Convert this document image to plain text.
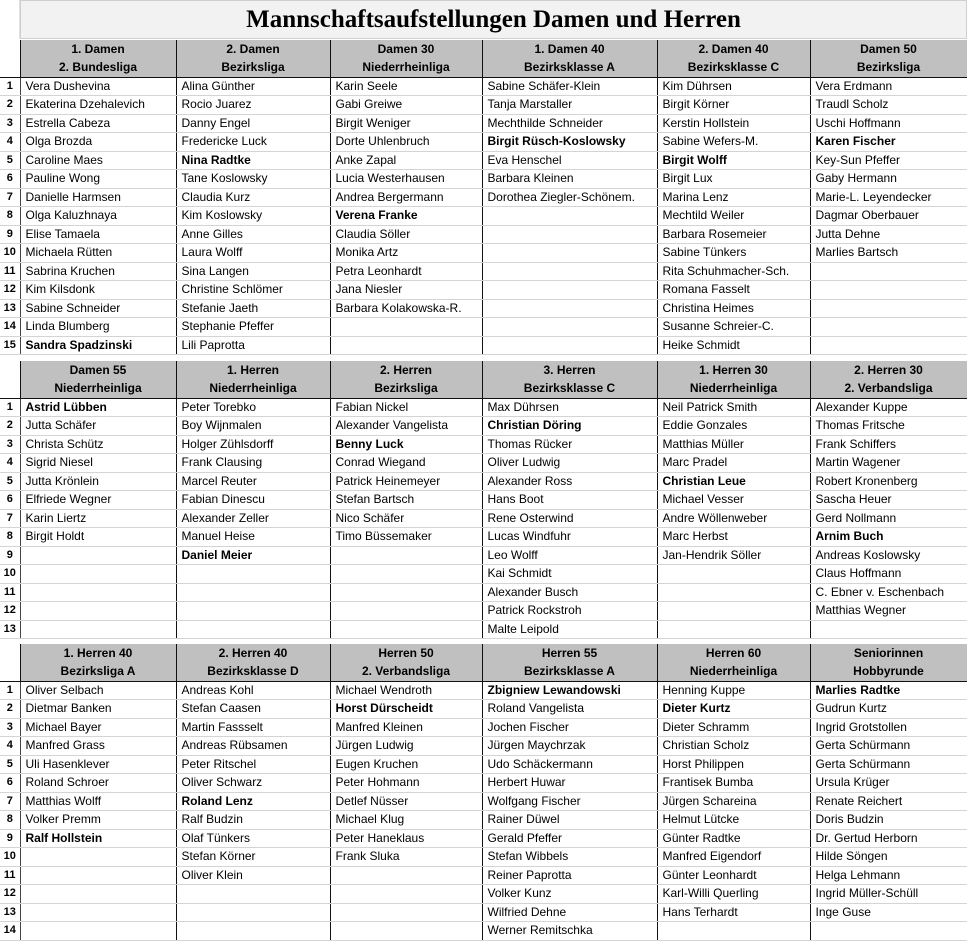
Mannschaftsaufstellungen Damen und Herren
	1. Damen	2. Damen	Damen 30	1. Damen 40	2. Damen 40	Damen 50
	2. Bundesliga	Bezirksliga	Niederrheinliga	Bezirksklasse A	Bezirksklasse C	Bezirksliga
1	Vera Dushevina	Alina Günther	Karin Seele	Sabine Schäfer-Klein	Kim Dührsen	Vera Erdmann
2	Ekaterina Dzehalevich	Rocio Juarez	Gabi Greiwe	Tanja Marstaller	Birgit Körner	Traudl Scholz
3	Estrella Cabeza	Danny Engel	Birgit Weniger	Mechthilde Schneider	Kerstin Hollstein	Uschi Hoffmann
4	Olga Brozda	Fredericke Luck	Dorte Uhlenbruch	Birgit Rüsch-Koslowsky	Sabine Wefers-M.	Karen Fischer
5	Caroline Maes	Nina Radtke	Anke Zapal	Eva Henschel	Birgit Wolff	Key-Sun Pfeffer
6	Pauline Wong	Tane Koslowsky	Lucia Westerhausen	Barbara Kleinen	Birgit Lux	Gaby Hermann
7	Danielle Harmsen	Claudia Kurz	Andrea Bergermann	Dorothea Ziegler-Schönem.	Marina Lenz	Marie-L. Leyendecker
8	Olga Kaluzhnaya	Kim Koslowsky	Verena Franke		Mechtild Weiler	Dagmar Oberbauer
9	Elise Tamaela	Anne Gilles	Claudia Söller		Barbara Rosemeier	Jutta Dehne
10	Michaela Rütten	Laura Wolff	Monika Artz		Sabine Tünkers	Marlies Bartsch
11	Sabrina Kruchen	Sina Langen	Petra Leonhardt		Rita Schuhmacher-Sch.	
12	Kim Kilsdonk	Christine Schlömer	Jana Niesler		Romana Fasselt	
13	Sabine Schneider	Stefanie Jaeth	Barbara Kolakowska-R.		Christina Heimes	
14	Linda Blumberg	Stephanie Pfeffer			Susanne Schreier-C.	
15	Sandra Spadzinski	Lili Paprotta			Heike Schmidt	
	Damen 55	1. Herren	2. Herren	3. Herren	1. Herren 30	2. Herren 30
	Niederrheinliga	Niederrheinliga	Bezirksliga	Bezirksklasse C	Niederrheinliga	2. Verbandsliga
1	Astrid Lübben	Peter Torebko	Fabian Nickel	Max Dührsen	Neil Patrick Smith	Alexander Kuppe
2	Jutta Schäfer	Boy Wijnmalen	Alexander Vangelista	Christian Döring	Eddie Gonzales	Thomas Fritsche
3	Christa Schütz	Holger Zühlsdorff	Benny Luck	Thomas Rücker	Matthias Müller	Frank Schiffers
4	Sigrid Niesel	Frank Clausing	Conrad Wiegand	Oliver Ludwig	Marc Pradel	Martin Wagener
5	Jutta Krönlein	Marcel Reuter	Patrick Heinemeyer	Alexander Ross	Christian Leue	Robert Kronenberg
6	Elfriede Wegner	Fabian Dinescu	Stefan Bartsch	Hans Boot	Michael Vesser	Sascha Heuer
7	Karin Liertz	Alexander Zeller	Nico Schäfer	Rene Osterwind	Andre Wöllenweber	Gerd Nollmann
8	Birgit Holdt	Manuel Heise	Timo Büssemaker	Lucas Windfuhr	Marc Herbst	Arnim Buch
9		Daniel Meier		Leo Wolff	Jan-Hendrik Söller	Andreas Koslowsky
10				Kai Schmidt		Claus Hoffmann
11				Alexander Busch		C. Ebner v. Eschenbach
12				Patrick Rockstroh		Matthias Wegner
13				Malte Leipold		
	1. Herren 40	2. Herren 40	Herren 50	Herren 55	Herren 60	Seniorinnen
	Bezirksliga A	Bezirksklasse D	2. Verbandsliga	Bezirksklasse A	Niederrheinliga	Hobbyrunde
1	Oliver Selbach	Andreas Kohl	Michael Wendroth	Zbigniew Lewandowski	Henning Kuppe	Marlies Radtke
2	Dietmar Banken	Stefan Caasen	Horst Dürscheidt	Roland Vangelista	Dieter Kurtz	Gudrun Kurtz
3	Michael Bayer	Martin Fassselt	Manfred Kleinen	Jochen Fischer	Dieter Schramm	Ingrid Grotstollen
4	Manfred Grass	Andreas Rübsamen	Jürgen Ludwig	Jürgen Maychrzak	Christian Scholz	Gerta Schürmann
5	Uli Hasenklever	Peter Ritschel	Eugen Kruchen	Udo Schäckermann	Horst Philippen	Gerta Schürmann
6	Roland Schroer	Oliver Schwarz	Peter Hohmann	Herbert Huwar	Frantisek Bumba	Ursula Krüger
7	Matthias Wolff	Roland Lenz	Detlef Nüsser	Wolfgang Fischer	Jürgen Schareina	Renate Reichert
8	Volker Premm	Ralf Budzin	Michael Klug	Rainer Düwel	Helmut Lütcke	Doris Budzin
9	Ralf Hollstein	Olaf Tünkers	Peter Haneklaus	Gerald Pfeffer	Günter Radtke	Dr. Gertud Herborn
10		Stefan Körner	Frank Sluka	Stefan Wibbels	Manfred Eigendorf	Hilde Söngen
11		Oliver Klein		Reiner Paprotta	Günter Leonhardt	Helga Lehmann
12				Volker Kunz	Karl-Willi Querling	Ingrid Müller-Schüll
13				Wilfried Dehne	Hans Terhardt	Inge Guse
14				Werner Remitschka		
